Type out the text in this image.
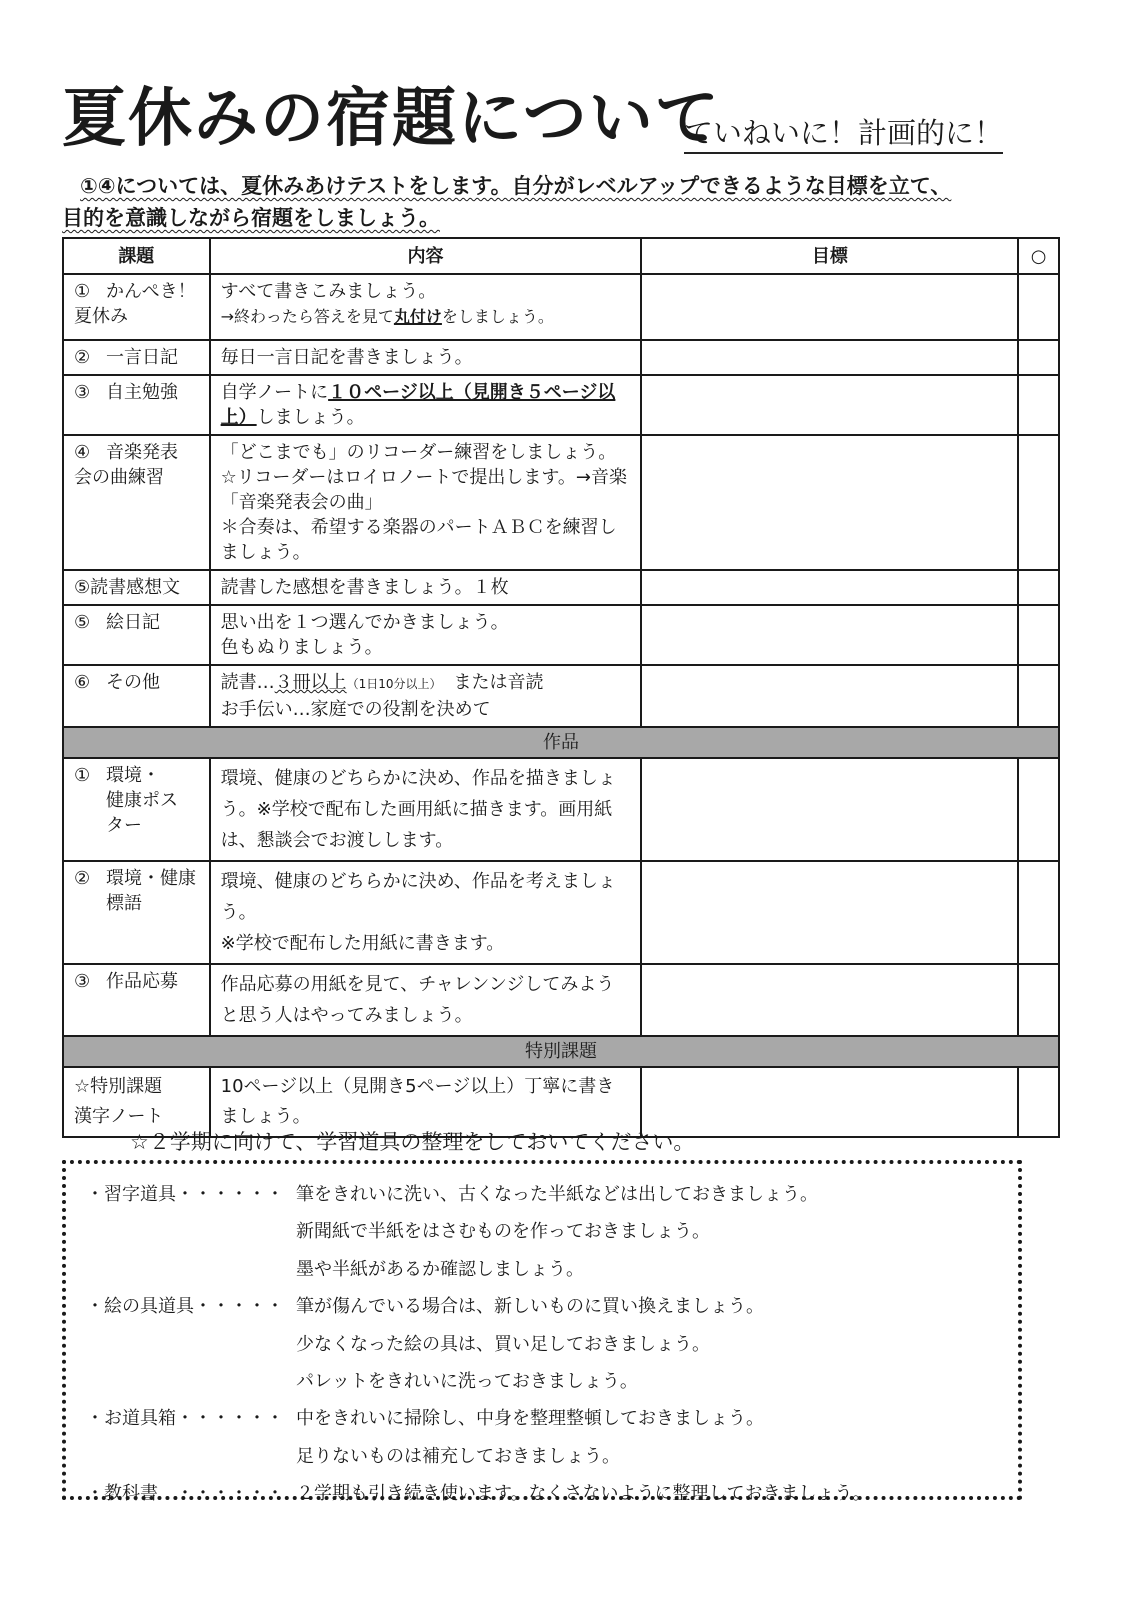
夏休みの宿題について
ていねいに！計画的に！
①④については、夏休みあけテストをします。自分がレベルアップできるような目標を立て、
目的を意識しながら宿題をしましょう。
課題	内容	目標	○

① かんぺき！
夏休み	すべて書きこみましょう。
→終わったら答えを見て丸付けをしましょう。		

② 一言日記	毎日一言日記を書きましょう。		
③ 自主勉強	自学ノートに１０ページ以上（見開き５ページ以上）しましょう。		

④ 音楽発表
会の曲練習	「どこまでも」のリコーダー練習をしましょう。☆リコーダーはロイロノートで提出します。→音楽「音楽発表会の曲」
＊合奏は、希望する楽器のパートＡＢＣを練習しましょう。		

⑤読書感想文	読書した感想を書きましょう。１枚		
⑤ 絵日記	思い出を１つ選んでかきましょう。
色もぬりましょう。		

⑥ その他	読書…３冊以上（1日10分以上）　または音読
お手伝い…家庭での役割を決めて		

作品			

① 環境・
健康ポス
ター	環境、健康のどちらかに決め、作品を描きましょう。※学校で配布した画用紙に描きます。画用紙は、懇談会でお渡しします。		

② 環境・健康
標語	環境、健康のどちらかに決め、作品を考えましょう。
※学校で配布した用紙に書きます。		

③ 作品応募	作品応募の用紙を見て、チャレンンジしてみようと思う人はやってみましょう。		
特別課題			

☆特別課題
漢字ノート	10ページ以上（見開き5ページ以上）丁寧に書きましょう。		
☆２学期に向けて、学習道具の整理をしておいてください。
・習字道具・・・・・・ 筆をきれいに洗い、古くなった半紙などは出しておきましょう。
新聞紙で半紙をはさむものを作っておきましょう。
墨や半紙があるか確認しましょう。
・絵の具道具・・・・・ 筆が傷んでいる場合は、新しいものに買い換えましょう。
少なくなった絵の具は、買い足しておきましょう。
パレットをきれいに洗っておきましょう。
・お道具箱・・・・・・ 中をきれいに掃除し、中身を整理整頓しておきましょう。
足りないものは補充しておきましょう。
・教科書　・・・・・・ ２学期も引き続き使います。なくさないように整理しておきましょう。
